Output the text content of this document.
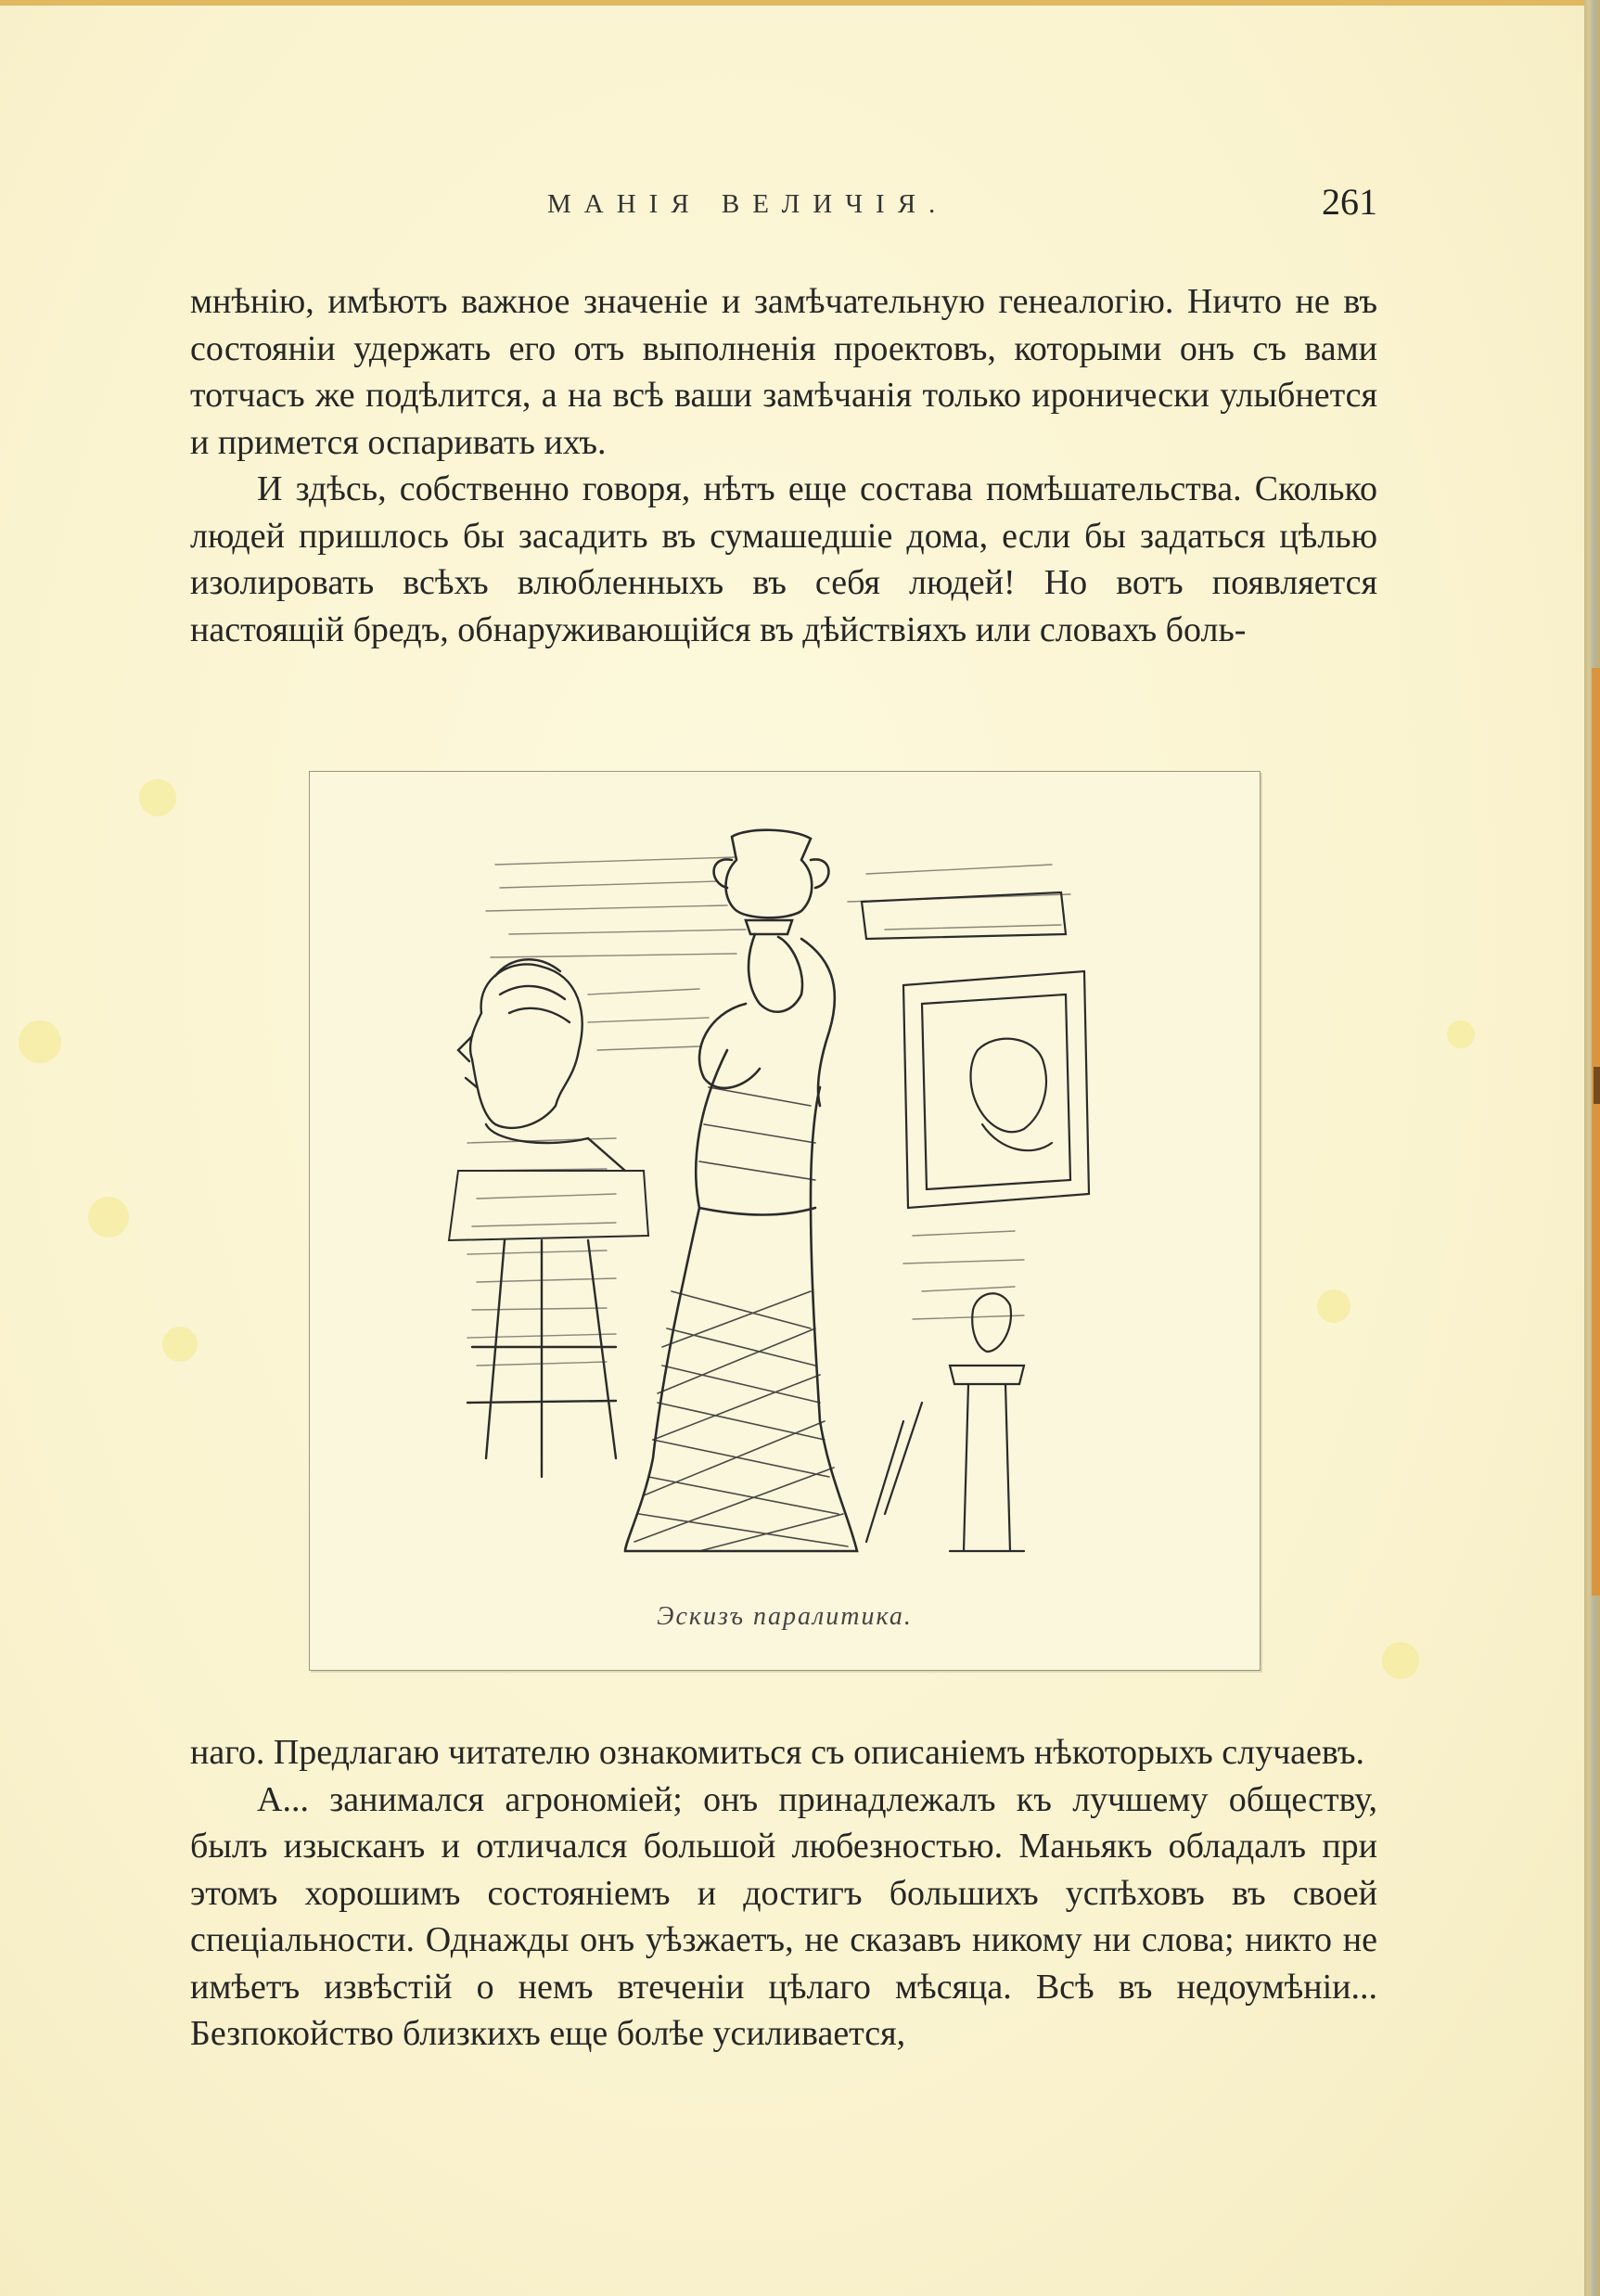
МАНІЯ ВЕЛИЧІЯ.	261

мнѣнію, имѣютъ важное значеніе и замѣчательную генеалогію. Ничто не въ состояніи удержать его отъ выполненія проектовъ, которыми онъ съ вами тотчасъ же подѣлится, а на всѣ ваши замѣчанія только иронически улыбнется и примется оспаривать ихъ.

И здѣсь, собственно говоря, нѣтъ еще состава помѣшательства. Сколько людей пришлось бы засадить въ сумашедшіе дома, если бы задаться цѣлью изолировать всѣхъ влюбленныхъ въ себя людей! Но вотъ появляется настоящій бредъ, обнаруживающійся въ дѣйствіяхъ или словахъ боль-

Эскизъ паралитика.

наго. Предлагаю читателю ознакомиться съ описаніемъ нѣкоторыхъ случаевъ.

А... занимался агрономіей; онъ принадлежалъ къ лучшему обществу, былъ изысканъ и отличался большой любезностью. Маньякъ обладалъ при этомъ хорошимъ состояніемъ и достигъ большихъ успѣховъ въ своей спеціальности. Однажды онъ уѣзжаетъ, не сказавъ никому ни слова; никто не имѣетъ извѣстій о немъ втеченіи цѣлаго мѣсяца. Всѣ въ недоумѣніи... Безпокойство близкихъ еще болѣе усиливается,
